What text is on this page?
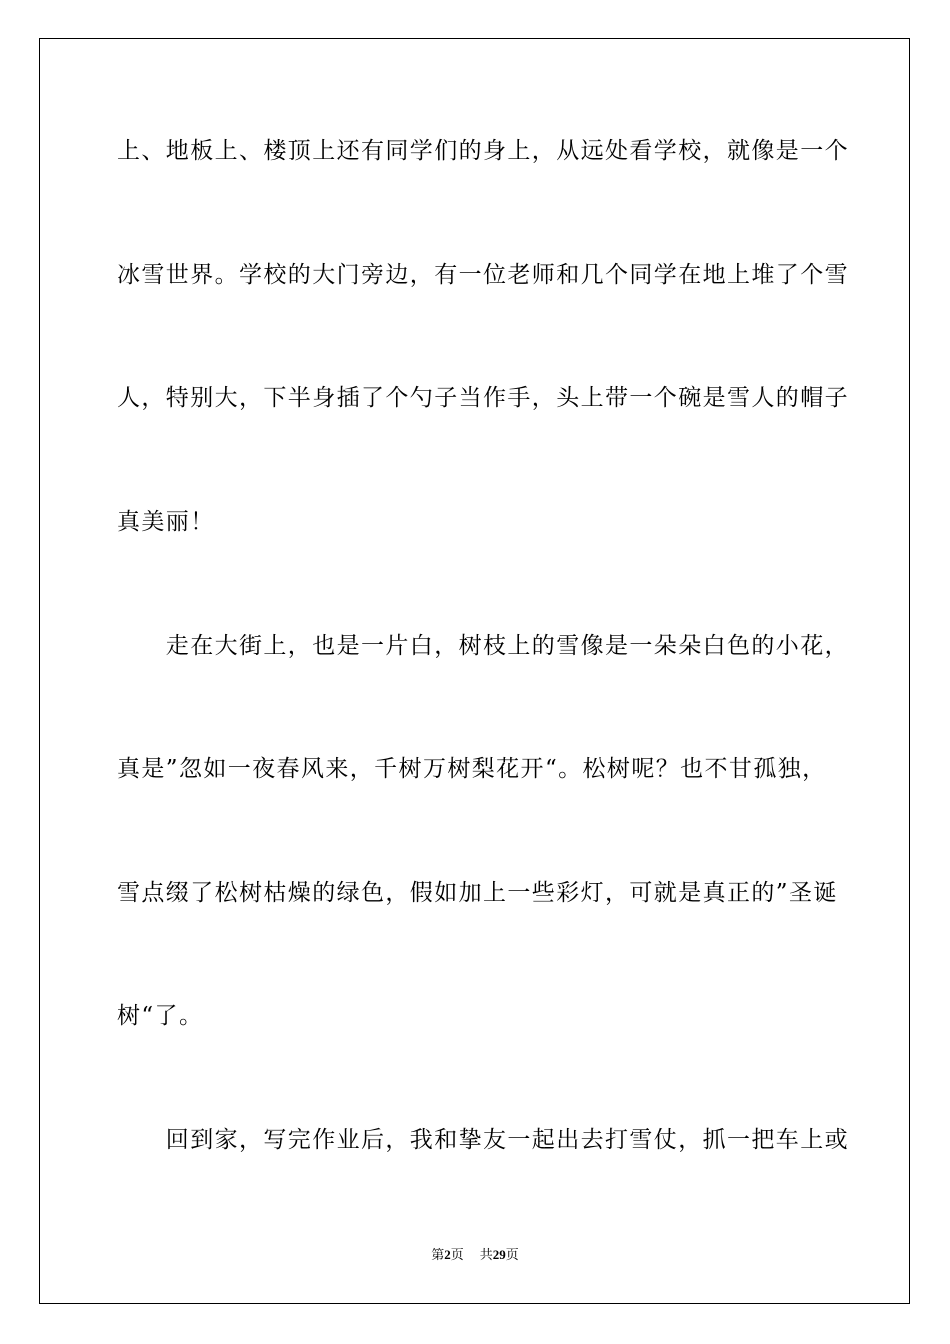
上、地板上、楼顶上还有同学们的身上，从远处看学校，就像是一个
冰雪世界。学校的大门旁边，有一位老师和几个同学在地上堆了个雪
人，特别大，下半身插了个勺子当作手，头上带一个碗是雪人的帽子
真美丽！
　　走在大街上，也是一片白，树枝上的雪像是一朵朵白色的小花，
真是”忽如一夜春风来，千树万树梨花开“。松树呢？也不甘孤独，
雪点缀了松树枯燥的绿色，假如加上一些彩灯，可就是真正的”圣诞
树“了。
　　回到家，写完作业后，我和挚友一起出去打雪仗，抓一把车上或
第2页 共29页
